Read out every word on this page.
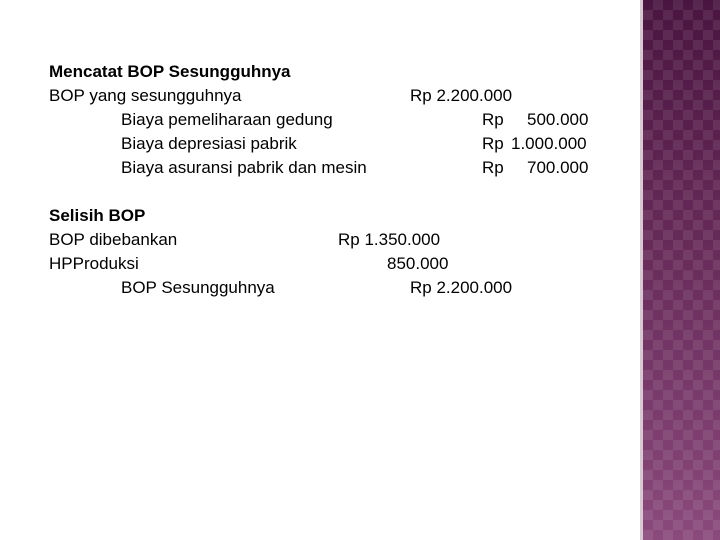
Mencatat BOP Sesungguhnya
BOP yang sesungguhnya	Rp 2.200.000
Biaya pemeliharaan gedung	Rp 500.000
Biaya depresiasi pabrik	Rp 1.000.000
Biaya asuransi pabrik dan mesin	Rp 700.000
Selisih BOP
BOP dibebankan	Rp 1.350.000
HPProduksi	850.000
BOP Sesungguhnya	Rp 2.200.000
